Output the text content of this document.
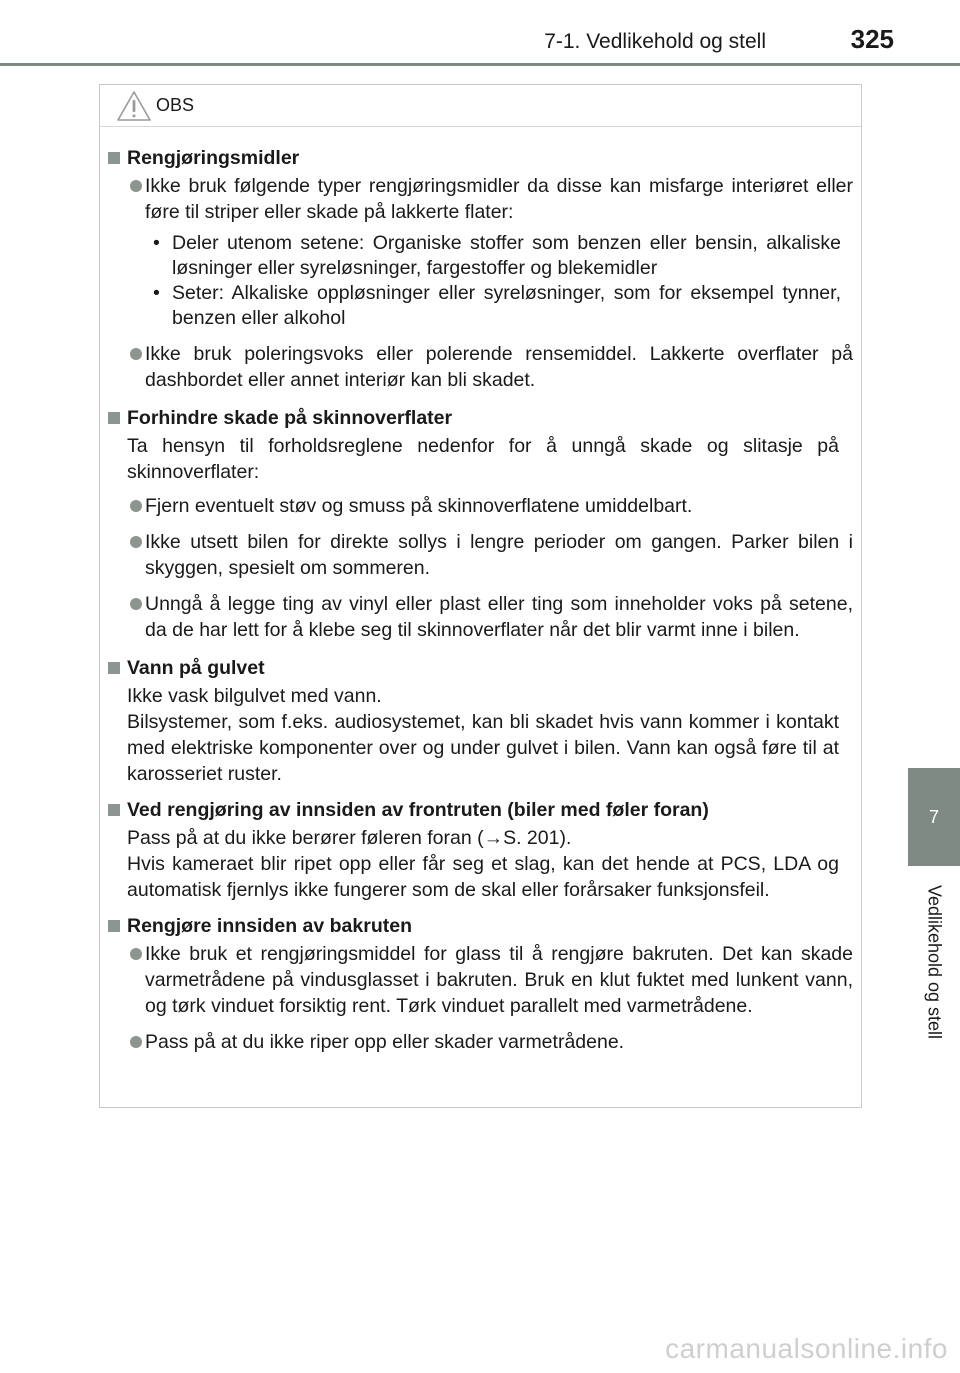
7-1. Vedlikehold og stell	325
7
Vedlikehold og stell
OBS
Rengjøringsmidler
Ikke bruk følgende typer rengjøringsmidler da disse kan misfarge interiøret eller føre til striper eller skade på lakkerte flater:
• Deler utenom setene: Organiske stoffer som benzen eller bensin, alkaliske løsninger eller syreløsninger, fargestoffer og blekemidler
• Seter: Alkaliske oppløsninger eller syreløsninger, som for eksempel tynner, benzen eller alkohol
Ikke bruk poleringsvoks eller polerende rensemiddel. Lakkerte overflater på dashbordet eller annet interiør kan bli skadet.
Forhindre skade på skinnoverflater
Ta hensyn til forholdsreglene nedenfor for å unngå skade og slitasje på skinnoverflater:
Fjern eventuelt støv og smuss på skinnoverflatene umiddelbart.
Ikke utsett bilen for direkte sollys i lengre perioder om gangen. Parker bilen i skyggen, spesielt om sommeren.
Unngå å legge ting av vinyl eller plast eller ting som inneholder voks på setene, da de har lett for å klebe seg til skinnoverflater når det blir varmt inne i bilen.
Vann på gulvet
Ikke vask bilgulvet med vann.
Bilsystemer, som f.eks. audiosystemet, kan bli skadet hvis vann kommer i kontakt med elektriske komponenter over og under gulvet i bilen. Vann kan også føre til at karosseriet ruster.
Ved rengjøring av innsiden av frontruten (biler med føler foran)
Pass på at du ikke berører føleren foran (→S. 201).
Hvis kameraet blir ripet opp eller får seg et slag, kan det hende at PCS, LDA og automatisk fjernlys ikke fungerer som de skal eller forårsaker funksjonsfeil.
Rengjøre innsiden av bakruten
Ikke bruk et rengjøringsmiddel for glass til å rengjøre bakruten. Det kan skade varmetrådene på vindusglasset i bakruten. Bruk en klut fuktet med lunkent vann, og tørk vinduet forsiktig rent. Tørk vinduet parallelt med varmetrådene.
Pass på at du ikke riper opp eller skader varmetrådene.
carmanualsonline.info
